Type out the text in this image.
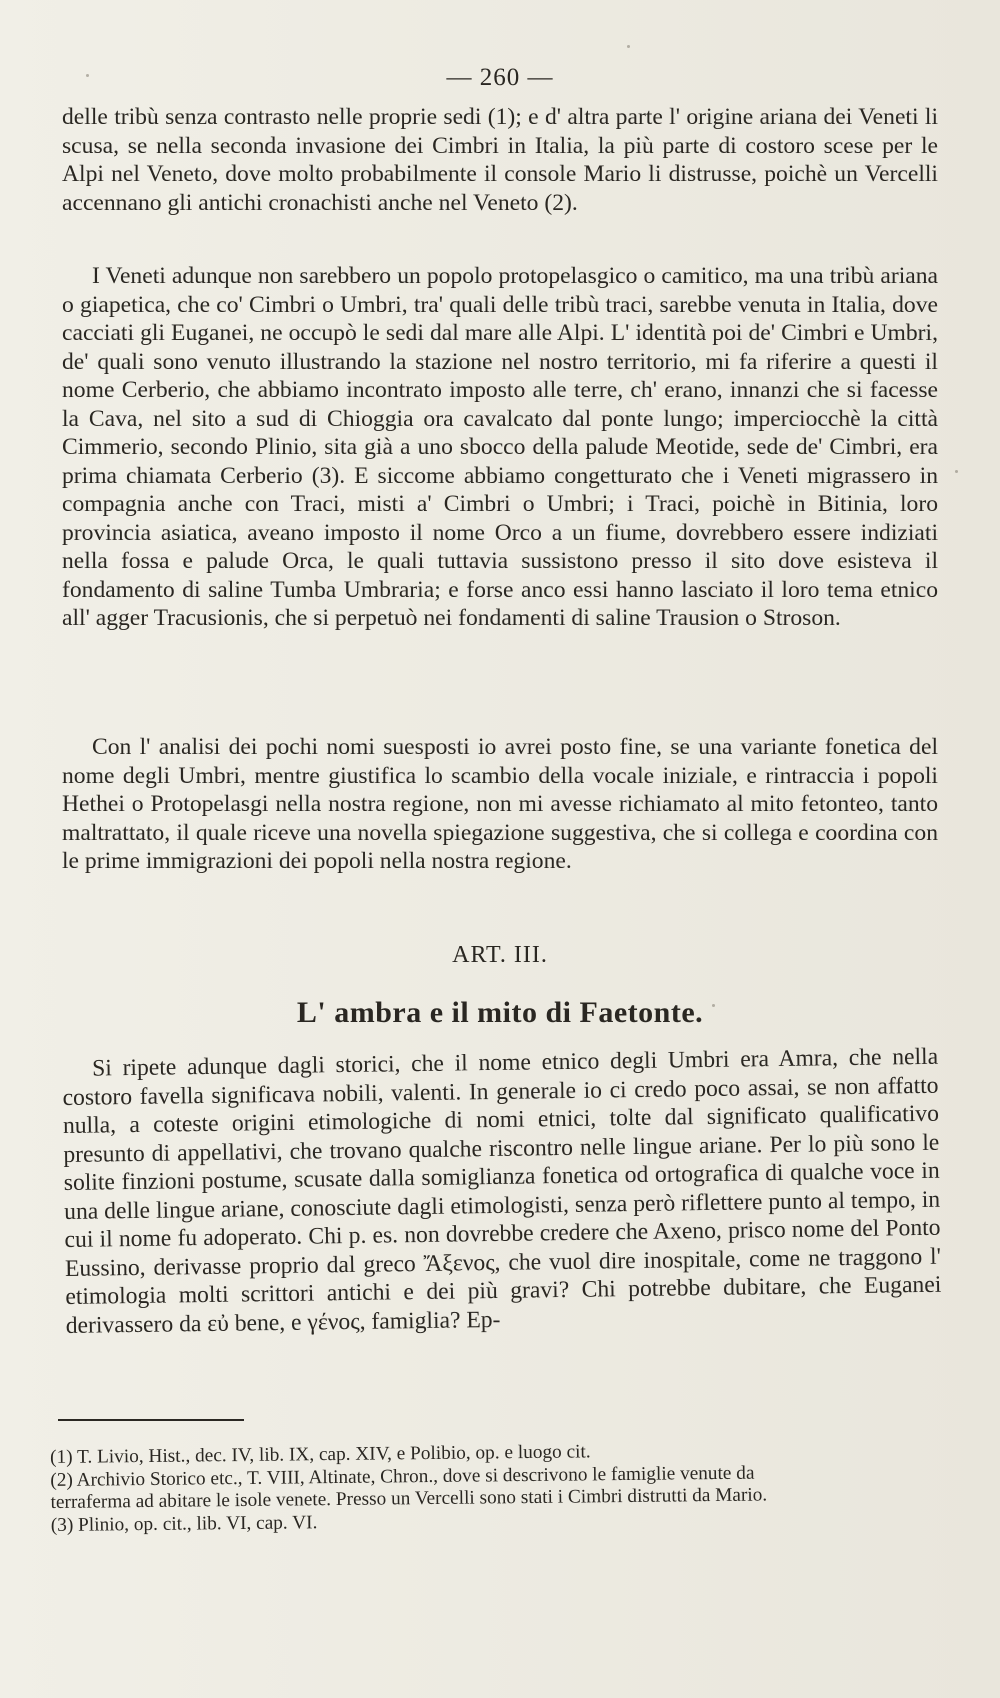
— 260 —

delle tribù senza contrasto nelle proprie sedi (1); e d' altra parte l' origine ariana dei Veneti li scusa, se nella seconda invasione dei Cimbri in Italia, la più parte di costoro scese per le Alpi nel Veneto, dove molto probabilmente il console Mario li distrusse, poichè un Vercelli accennano gli antichi cronachisti anche nel Veneto (2).

I Veneti adunque non sarebbero un popolo protopelasgico o camitico, ma una tribù ariana o giapetica, che co' Cimbri o Umbri, tra' quali delle tribù traci, sarebbe venuta in Italia, dove cacciati gli Euganei, ne occupò le sedi dal mare alle Alpi. L' identità poi de' Cimbri e Umbri, de' quali sono venuto illustrando la stazione nel nostro territorio, mi fa riferire a questi il nome Cerberio, che abbiamo incontrato imposto alle terre, ch' erano, innanzi che si facesse la Cava, nel sito a sud di Chioggia ora cavalcato dal ponte lungo; imperciocchè la città Cimmerio, secondo Plinio, sita già a uno sbocco della palude Meotide, sede de' Cimbri, era prima chiamata Cerberio (3). E siccome abbiamo congetturato che i Veneti migrassero in compagnia anche con Traci, misti a' Cimbri o Umbri; i Traci, poichè in Bitinia, loro provincia asiatica, aveano imposto il nome Orco a un fiume, dovrebbero essere indiziati nella fossa e palude Orca, le quali tuttavia sussistono presso il sito dove esisteva il fondamento di saline Tumba Umbraria; e forse anco essi hanno lasciato il loro tema etnico all' agger Tracusionis, che si perpetuò nei fondamenti di saline Trausion o Stroson.

Con l' analisi dei pochi nomi suesposti io avrei posto fine, se una variante fonetica del nome degli Umbri, mentre giustifica lo scambio della vocale iniziale, e rintraccia i popoli Hethei o Protopelasgi nella nostra regione, non mi avesse richiamato al mito fetonteo, tanto maltrattato, il quale riceve una novella spiegazione suggestiva, che si collega e coordina con le prime immigrazioni dei popoli nella nostra regione.

ART. III.
L' ambra e il mito di Faetonte.

Si ripete adunque dagli storici, che il nome etnico degli Umbri era Amra, che nella costoro favella significava nobili, valenti. In generale io ci credo poco assai, se non affatto nulla, a coteste origini etimologiche di nomi etnici, tolte dal significato qualificativo presunto di appellativi, che trovano qualche riscontro nelle lingue ariane. Per lo più sono le solite finzioni postume, scusate dalla somiglianza fonetica od ortografica di qualche voce in una delle lingue ariane, conosciute dagli etimologisti, senza però riflettere punto al tempo, in cui il nome fu adoperato. Chi p. es. non dovrebbe credere che Axeno, prisco nome del Ponto Eussino, derivasse proprio dal greco Ἄξενος, che vuol dire inospitale, come ne traggono l' etimologia molti scrittori antichi e dei più gravi? Chi potrebbe dubitare, che Euganei derivassero da εὐ bene, e γένος, famiglia? Ep-

(1) T. Livio, Hist., dec. IV, lib. IX, cap. XIV, e Polibio, op. e luogo cit.

(2) Archivio Storico etc., T. VIII, Altinate, Chron., dove si descrivono le famiglie venute da

terraferma ad abitare le isole venete. Presso un Vercelli sono stati i Cimbri distrutti da Mario.

(3) Plinio, op. cit., lib. VI, cap. VI.
